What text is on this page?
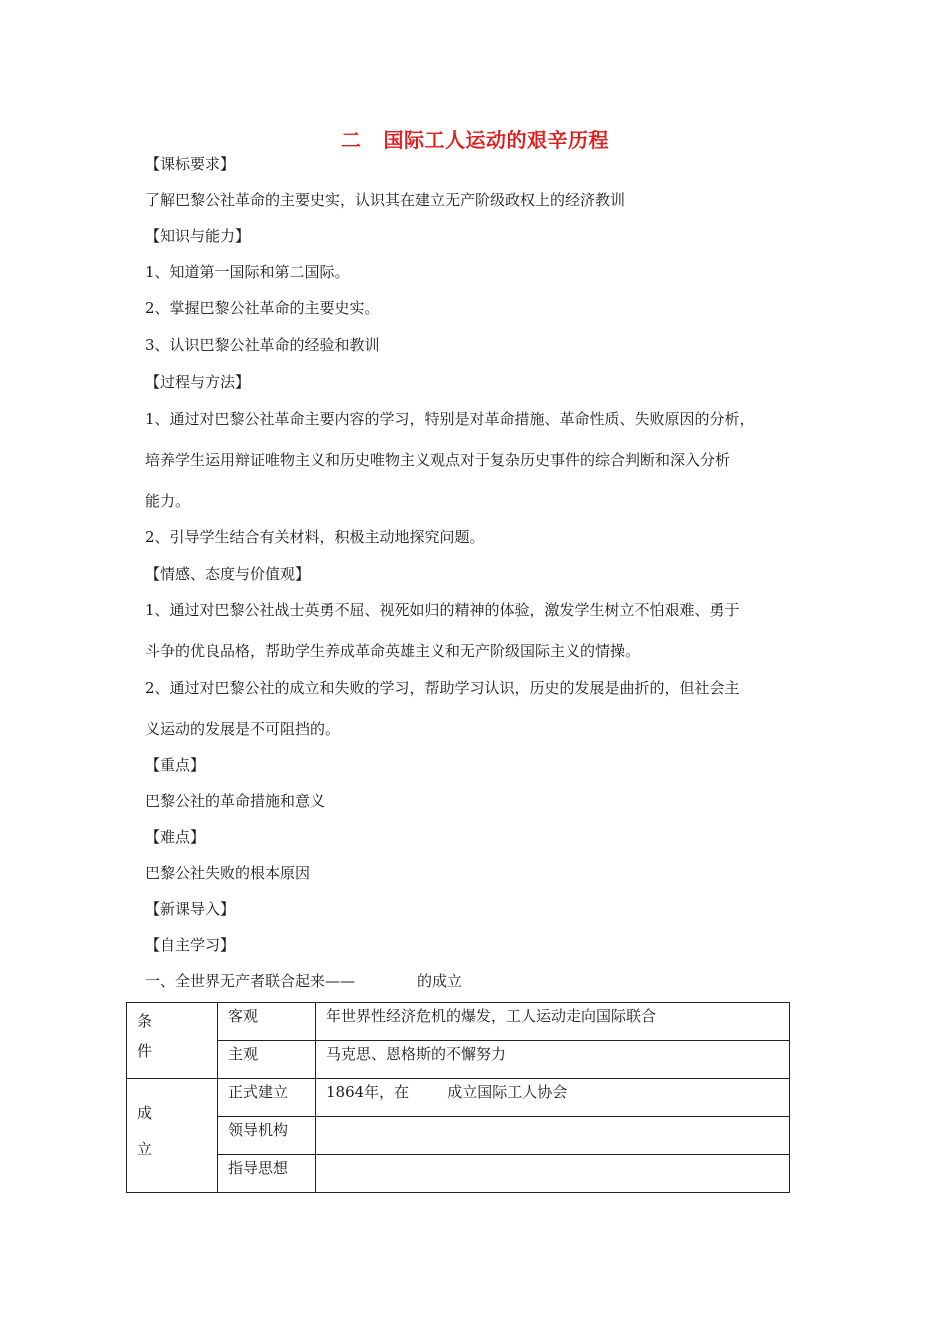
二 国际工人运动的艰辛历程
【课标要求】
了解巴黎公社革命的主要史实，认识其在建立无产阶级政权上的经济教训
【知识与能力】
1、知道第一国际和第二国际。
2、掌握巴黎公社革命的主要史实。
3、认识巴黎公社革命的经验和教训
【过程与方法】
1、通过对巴黎公社革命主要内容的学习，特别是对革命措施、革命性质、失败原因的分析，
培养学生运用辩证唯物主义和历史唯物主义观点对于复杂历史事件的综合判断和深入分析
能力。
2、引导学生结合有关材料，积极主动地探究问题。
【情感、态度与价值观】
1、通过对巴黎公社战士英勇不屈、视死如归的精神的体验，激发学生树立不怕艰难、勇于
斗争的优良品格，帮助学生养成革命英雄主义和无产阶级国际主义的情操。
2、通过对巴黎公社的成立和失败的学习，帮助学习认识，历史的发展是曲折的，但社会主
义运动的发展是不可阻挡的。
【重点】
巴黎公社的革命措施和意义
【难点】
巴黎公社失败的根本原因
【新课导入】
【自主学习】
一、全世界无产者联合起来——	的成立
条
件	客观	年世界性经济危机的爆发，工人运动走向国际联合
	主观	马克思、恩格斯的不懈努力

成
立	正式建立	1864年，在 成立国际工人协会
	领导机构	
	指导思想	
